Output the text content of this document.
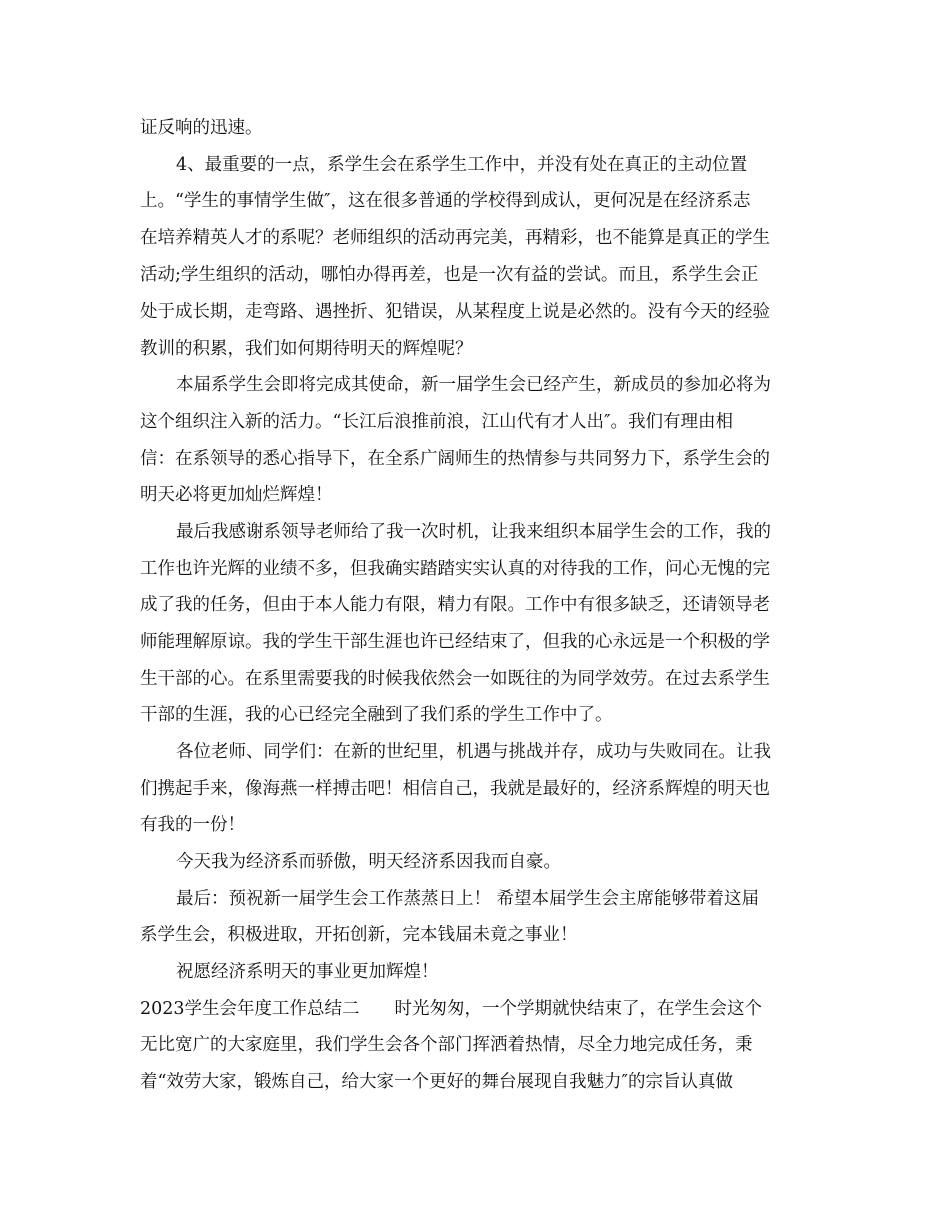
证反响的迅速。
4、最重要的一点，系学生会在系学生工作中，并没有处在真正的主动位置
上。“学生的事情学生做″，这在很多普通的学校得到成认，更何况是在经济系志
在培养精英人才的系呢？老师组织的活动再完美，再精彩，也不能算是真正的学生
活动;学生组织的活动，哪怕办得再差，也是一次有益的尝试。而且，系学生会正
处于成长期，走弯路、遇挫折、犯错误，从某程度上说是必然的。没有今天的经验
教训的积累，我们如何期待明天的辉煌呢？
本届系学生会即将完成其使命，新一届学生会已经产生，新成员的参加必将为
这个组织注入新的活力。“长江后浪推前浪，江山代有才人出″。我们有理由相
信：在系领导的悉心指导下，在全系广阔师生的热情参与共同努力下，系学生会的
明天必将更加灿烂辉煌！
最后我感谢系领导老师给了我一次时机，让我来组织本届学生会的工作，我的
工作也许光辉的业绩不多，但我确实踏踏实实认真的对待我的工作，问心无愧的完
成了我的任务，但由于本人能力有限，精力有限。工作中有很多缺乏，还请领导老
师能理解原谅。我的学生干部生涯也许已经结束了，但我的心永远是一个积极的学
生干部的心。在系里需要我的时候我依然会一如既往的为同学效劳。在过去系学生
干部的生涯，我的心已经完全融到了我们系的学生工作中了。
各位老师、同学们：在新的世纪里，机遇与挑战并存，成功与失败同在。让我
们携起手来，像海燕一样搏击吧！相信自己，我就是最好的，经济系辉煌的明天也
有我的一份！
今天我为经济系而骄傲，明天经济系因我而自豪。
最后：预祝新一届学生会工作蒸蒸日上！ 希望本届学生会主席能够带着这届
系学生会，积极进取，开拓创新，完本钱届未竟之事业！
祝愿经济系明天的事业更加辉煌！
2023学生会年度工作总结二　　时光匆匆，一个学期就快结束了，在学生会这个
无比宽广的大家庭里，我们学生会各个部门挥洒着热情，尽全力地完成任务，秉
着“效劳大家，锻炼自己，给大家一个更好的舞台展现自我魅力″的宗旨认真做
